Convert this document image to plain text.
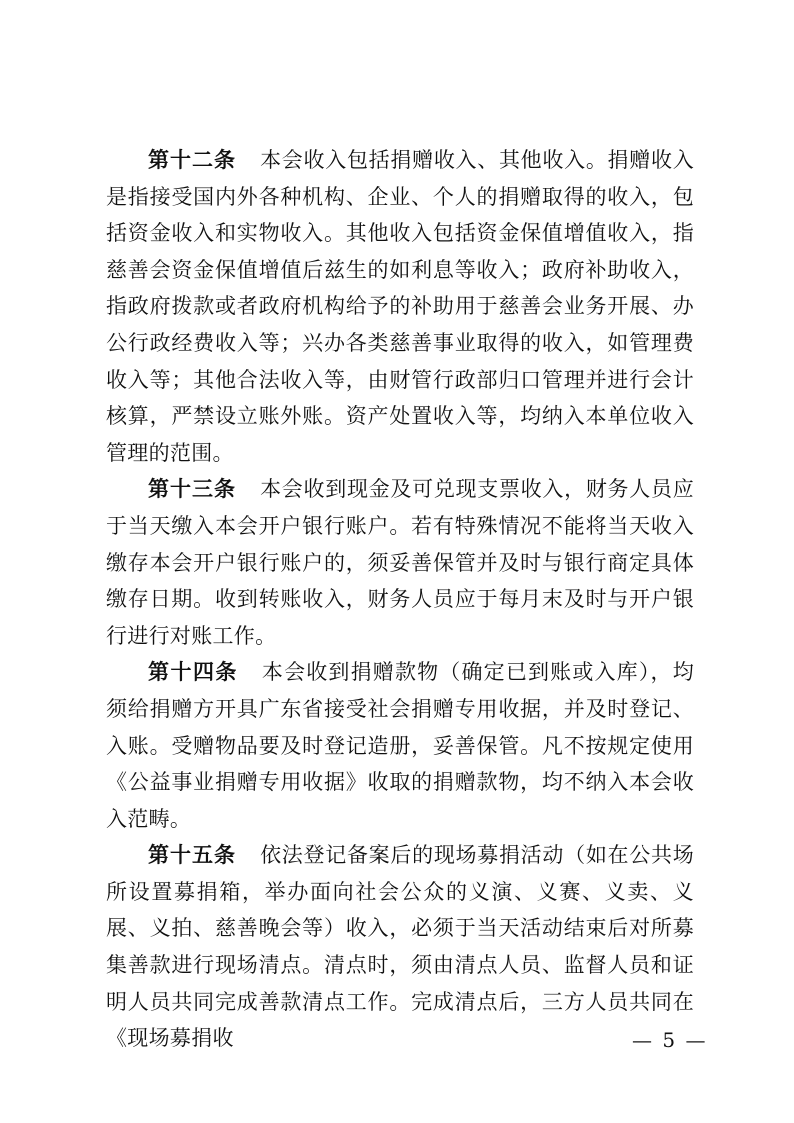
第十二条 本会收入包括捐赠收入、其他收入。捐赠收入是指接受国内外各种机构、企业、个人的捐赠取得的收入，包括资金收入和实物收入。其他收入包括资金保值增值收入，指慈善会资金保值增值后兹生的如利息等收入；政府补助收入，指政府拨款或者政府机构给予的补助用于慈善会业务开展、办公行政经费收入等；兴办各类慈善事业取得的收入，如管理费收入等；其他合法收入等，由财管行政部归口管理并进行会计核算，严禁设立账外账。资产处置收入等，均纳入本单位收入管理的范围。

第十三条 本会收到现金及可兑现支票收入，财务人员应于当天缴入本会开户银行账户。若有特殊情况不能将当天收入缴存本会开户银行账户的，须妥善保管并及时与银行商定具体缴存日期。收到转账收入，财务人员应于每月末及时与开户银行进行对账工作。

第十四条 本会收到捐赠款物（确定已到账或入库），均须给捐赠方开具广东省接受社会捐赠专用收据，并及时登记、入账。受赠物品要及时登记造册，妥善保管。凡不按规定使用《公益事业捐赠专用收据》收取的捐赠款物，均不纳入本会收入范畴。

第十五条 依法登记备案后的现场募捐活动（如在公共场所设置募捐箱，举办面向社会公众的义演、义赛、义卖、义展、义拍、慈善晚会等）收入，必须于当天活动结束后对所募集善款进行现场清点。清点时，须由清点人员、监督人员和证明人员共同完成善款清点工作。完成清点后，三方人员共同在《现场募捐收	— 5 —
